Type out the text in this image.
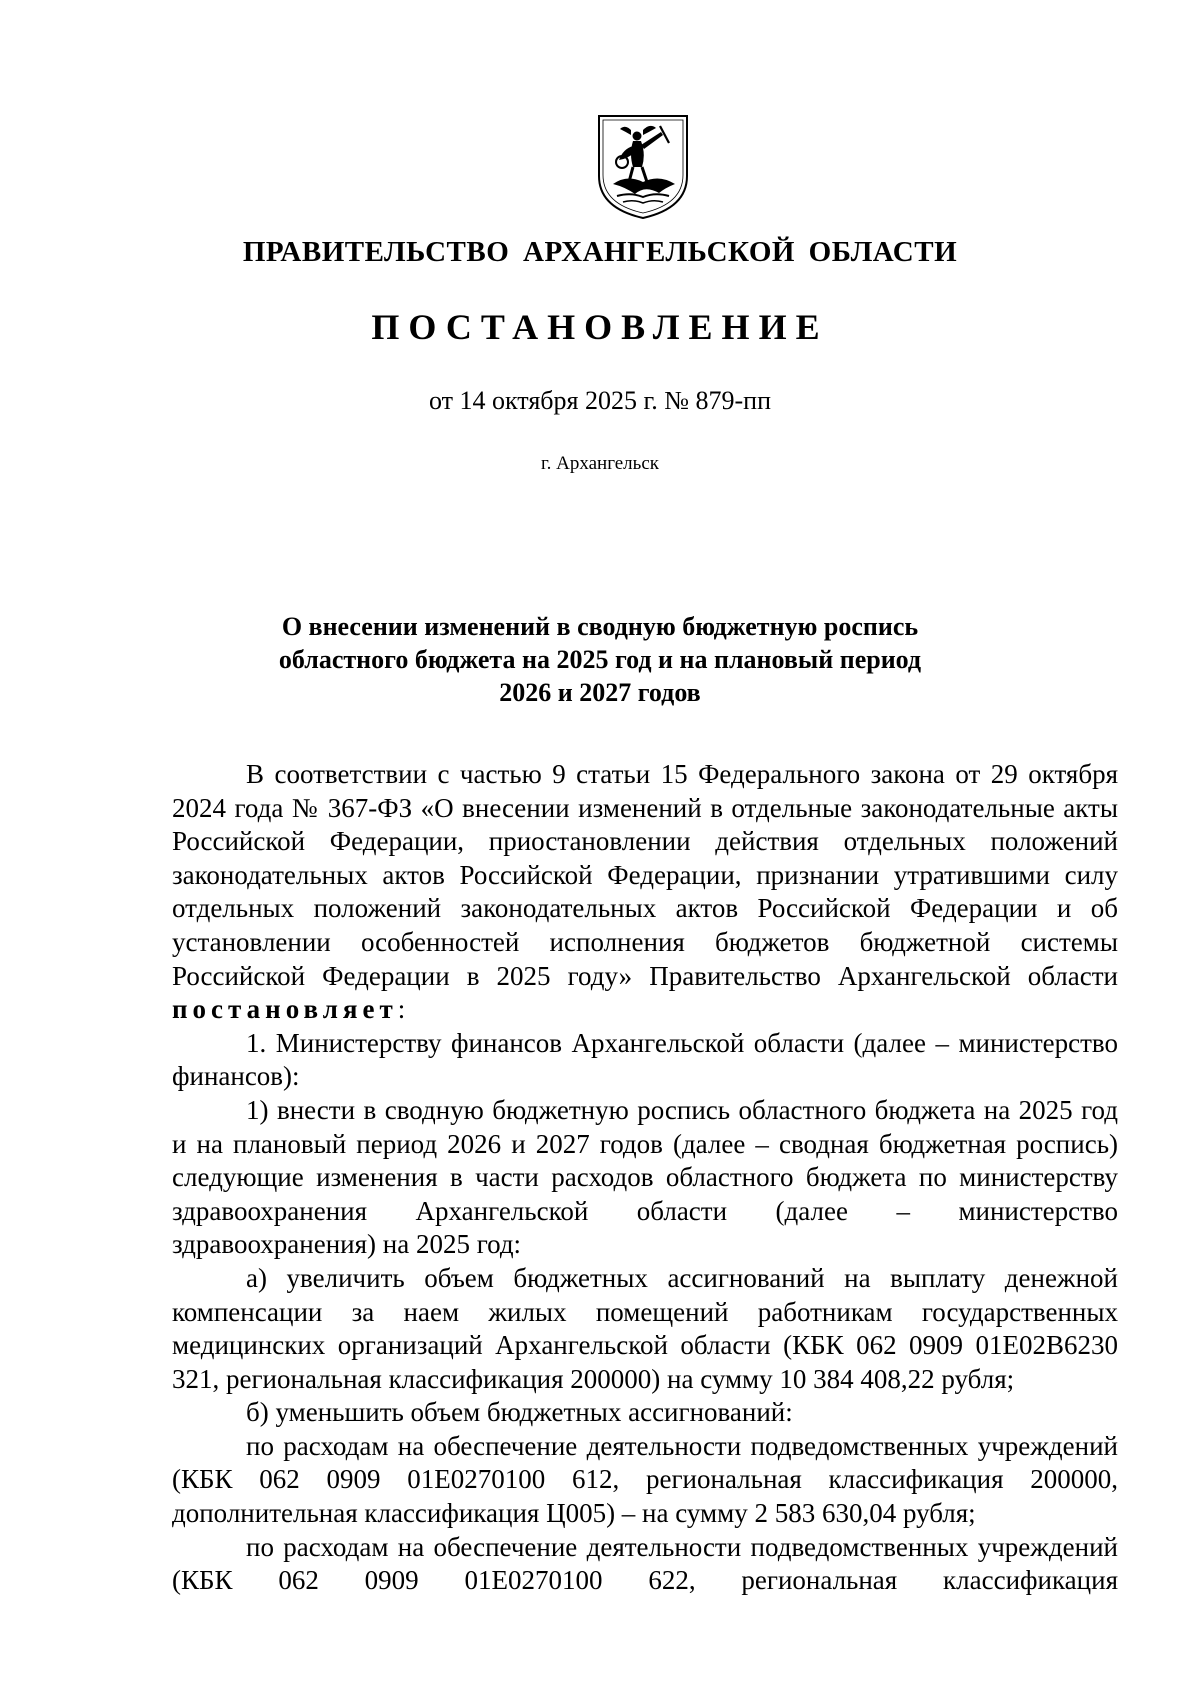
ПРАВИТЕЛЬСТВО АРХАНГЕЛЬСКОЙ ОБЛАСТИ
ПОСТАНОВЛЕНИЕ
от 14 октября 2025 г. № 879-пп
г. Архангельск
О внесении изменений в сводную бюджетную роспись
областного бюджета на 2025 год и на плановый период
2026 и 2027 годов

В соответствии с частью 9 статьи 15 Федерального закона от 29 октября 2024 года № 367-ФЗ «О внесении изменений в отдельные законодательные акты Российской Федерации, приостановлении действия отдельных положений законодательных актов Российской Федерации, признании утратившими силу отдельных положений законодательных актов Российской Федерации и об установлении особенностей исполнения бюджетов бюджетной системы Российской Федерации в 2025 году» Правительство Архангельской области постановляет:

1. Министерству финансов Архангельской области (далее – министерство финансов):

1) внести в сводную бюджетную роспись областного бюджета на 2025 год и на плановый период 2026 и 2027 годов (далее – сводная бюджетная роспись) следующие изменения в части расходов областного бюджета по министерству здравоохранения Архангельской области (далее – министерство здравоохранения) на 2025 год:

а) увеличить объем бюджетных ассигнований на выплату денежной компенсации за наем жилых помещений работникам государственных медицинских организаций Архангельской области (КБК 062 0909 01Е02В6230 321, региональная классификация 200000) на сумму 10 384 408,22 рубля;

б) уменьшить объем бюджетных ассигнований:

по расходам на обеспечение деятельности подведомственных учреждений (КБК 062 0909 01Е0270100 612, региональная классификация 200000, дополнительная классификация Ц005) – на сумму 2 583 630,04 рубля;

по расходам на обеспечение деятельности подведомственных учреждений (КБК 062 0909 01Е0270100 622, региональная классификация
